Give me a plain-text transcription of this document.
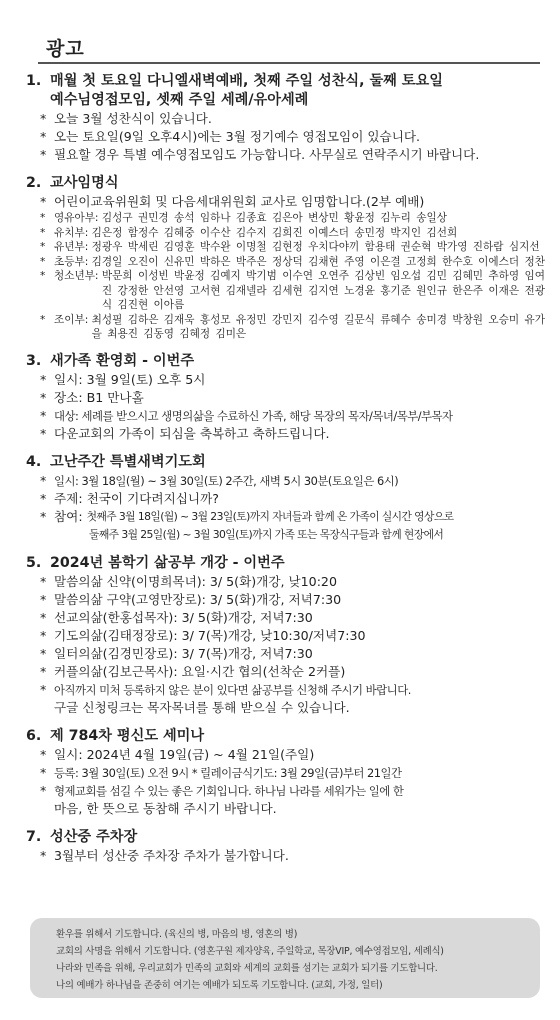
광고
1. 매월 첫 토요일 다니엘새벽예배, 첫째 주일 성찬식, 둘째 토요일
예수님영접모임, 셋째 주일 세례/유아세례
* 오늘 3월 성찬식이 있습니다.
* 오는 토요일(9일 오후4시)에는 3월 정기예수 영접모임이 있습니다.
* 필요할 경우 특별 예수영접모임도 가능합니다. 사무실로 연락주시기 바랍니다.
2. 교사임명식
* 어린이교육위원회 및 다음세대위원회 교사로 임명합니다.(2부 예배)
* 영유아부:
김성구 권민경 송석 임하나 김종효 김은아 변상민 황윤정 김누리 송일상
* 유치부:
김은정 함정수 김혜중 이수산 김수지 김희진 이예스더 송민정 박지인 김선희
* 유년부:
정광우 박세린 김영훈 박수완 이명철 김현정 우치다야끼 함용태 권순혁 박가영 진하람 심지선
* 초등부:
김경일 오진이 신유민 박하은 박주은 정상덕 김채현 주영 이은결 고정희 한수호 이에스더 정찬
* 청소년부:
박문희 이성빈 박윤정 김예지 박기범 이수연 오연주 김상빈 임오섭 김민 김혜민 추하영 임여진 강정한 안선영 고서현 김재넬라 김세현 김지연 노경윤 홍기준 원인규 한은주 이재은 전광식 김진현 이아름
* 조이부:
최성필 김하은 김재욱 홍성모 유정민 강민지 김수영 길문식 류혜수 송미경 박창원 오승미 유가을 최용진 김동영 김혜정 김미은
3. 새가족 환영회 - 이번주
* 일시: 3월 9일(토) 오후 5시
* 장소: B1 만나홀
* 대상: 세례를 받으시고 생명의삶을 수료하신 가족, 해당 목장의 목자/목녀/목부/부목자
* 다운교회의 가족이 되심을 축복하고 축하드립니다.
4. 고난주간 특별새벽기도회
* 일시: 3월 18일(월) ~ 3월 30일(토) 2주간, 새벽 5시 30분(토요일은 6시)
* 주제: 천국이 기다려지십니까?
* 참여:
첫째주 3월 18일(월) ~ 3월 23일(토)까지 자녀들과 함께 온 가족이 실시간 영상으로
둘째주 3월 25일(월) ~ 3월 30일(토)까지 가족 또는 목장식구들과 함께 현장에서
5. 2024년 봄학기 삶공부 개강 - 이번주
* 말씀의삶 신약(이명희목녀): 3/ 5(화)개강, 낮10:20
* 말씀의삶 구약(고영만장로): 3/ 5(화)개강, 저녁7:30
* 선교의삶(한홍섭목자): 3/ 5(화)개강, 저녁7:30
* 기도의삶(김태정장로): 3/ 7(목)개강, 낮10:30/저녁7:30
* 일터의삶(김경민장로): 3/ 7(목)개강, 저녁7:30
* 커플의삶(김보근목사): 요일·시간 협의(선착순 2커플)
* 아직까지 미처 등록하지 않은 분이 있다면 삶공부를 신청해 주시기 바랍니다.
구글 신청링크는 목자목녀를 통해 받으실 수 있습니다.
6. 제 784차 평신도 세미나
* 일시: 2024년 4월 19일(금) ~ 4월 21일(주일)
* 등록: 3월 30일(토) 오전 9시 * 릴레이금식기도: 3월 29일(금)부터 21일간
* 형제교회를 섬길 수 있는 좋은 기회입니다. 하나님 나라를 세워가는 일에 한
마음, 한 뜻으로 동참해 주시기 바랍니다.
7. 성산중 주차장
* 3월부터 성산중 주차장 주차가 불가합니다.
환우를 위해서 기도합니다. (육신의 병, 마음의 병, 영혼의 병)
교회의 사명을 위해서 기도합니다. (영혼구원 제자양육, 주일학교, 목장VIP, 예수영접모임, 세례식)
나라와 민족을 위해, 우리교회가 민족의 교회와 세계의 교회를 섬기는 교회가 되기를 기도합니다.
나의 예배가 하나님을 존중히 여기는 예배가 되도록 기도합니다. (교회, 가정, 일터)
